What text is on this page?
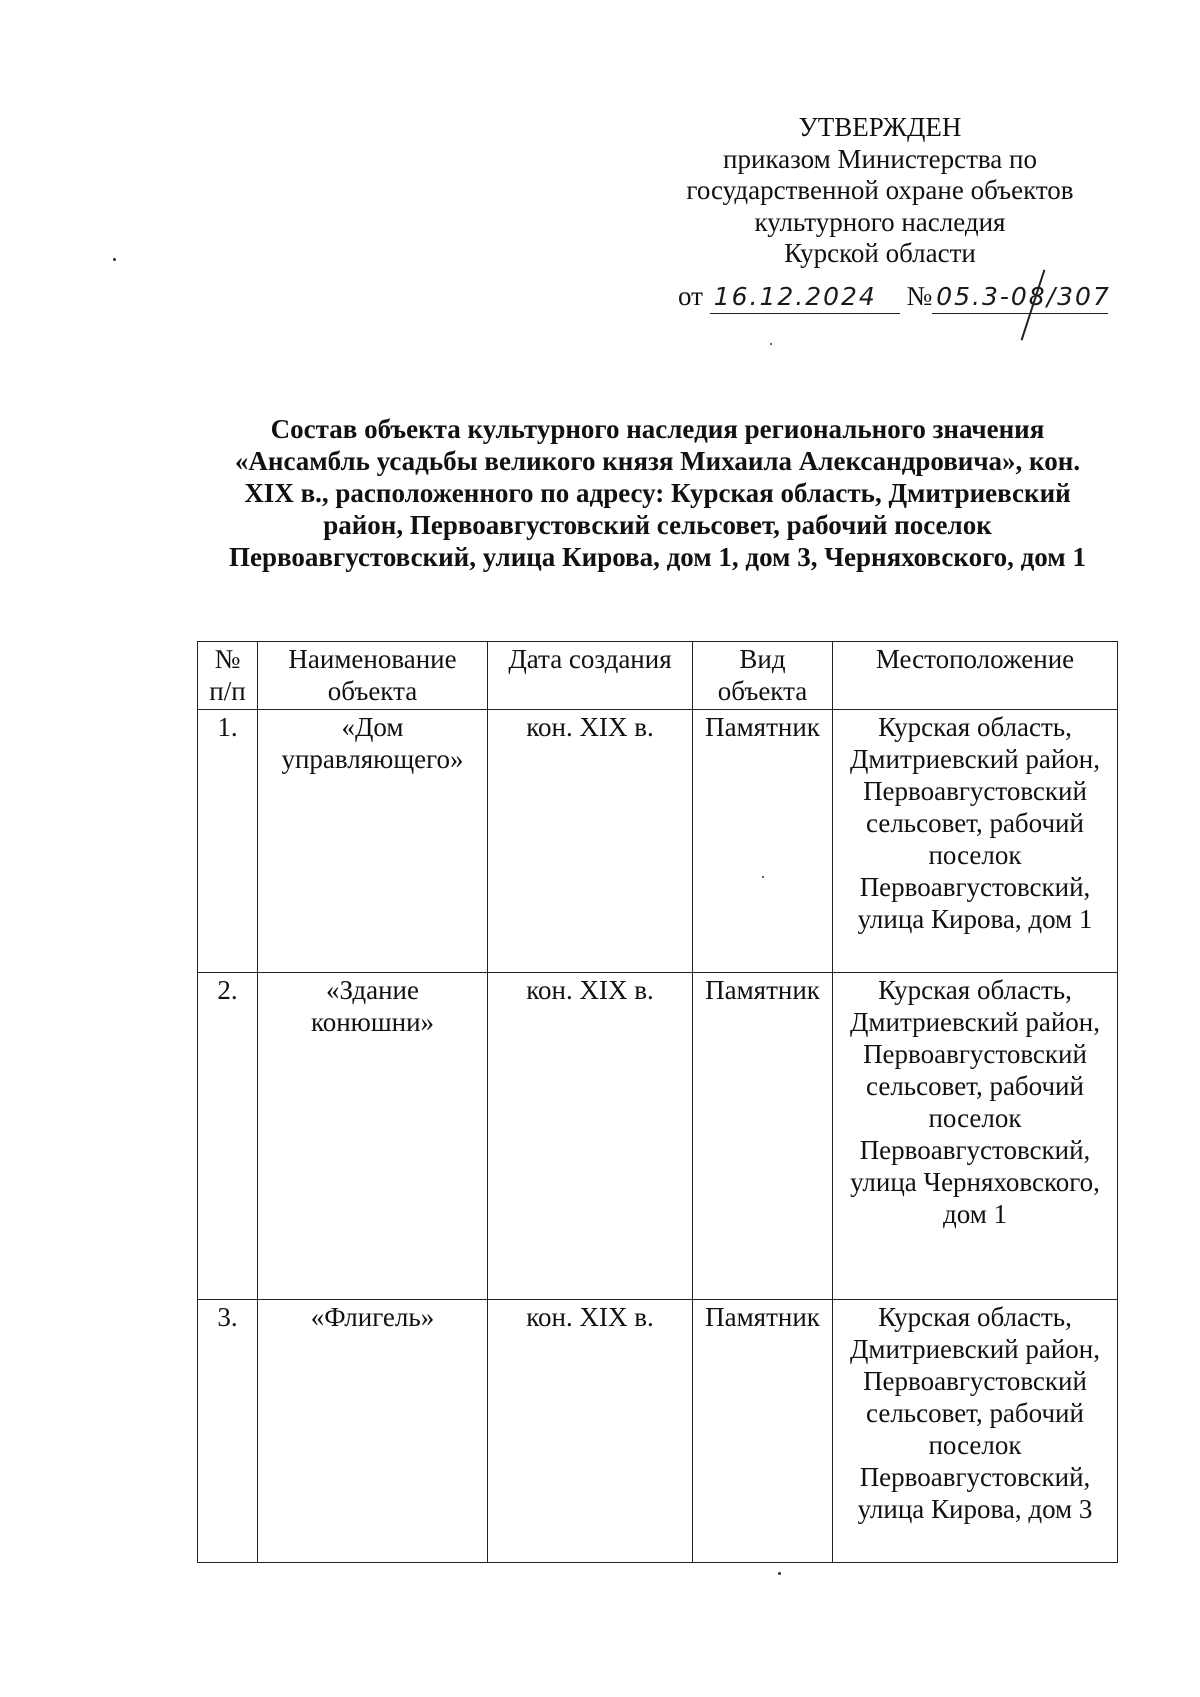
УТВЕРЖДЕН
приказом Министерства по
государственной охране объектов
культурного наследия
Курской области
от 16.12.2024 № 05.3-08/307
Состав объекта культурного наследия регионального значения
«Ансамбль усадьбы великого князя Михаила Александровича», кон.
XIX в., расположенного по адресу: Курская область, Дмитриевский
район, Первоавгустовский сельсовет, рабочий поселок
Первоавгустовский, улица Кирова, дом 1, дом 3, Черняховского, дом 1
№ п/п	Наименование объекта	Дата создания	Вид объекта	Местоположение
1.	«Дом управляющего»	кон. XIX в.	Памятник	Курская область, Дмитриевский район, Первоавгустовский сельсовет, рабочий поселок Первоавгустовский, улица Кирова, дом 1
2.	«Здание конюшни»	кон. XIX в.	Памятник	Курская область, Дмитриевский район, Первоавгустовский сельсовет, рабочий поселок Первоавгустовский, улица Черняховского, дом 1
3.	«Флигель»	кон. XIX в.	Памятник	Курская область, Дмитриевский район, Первоавгустовский сельсовет, рабочий поселок Первоавгустовский, улица Кирова, дом 3
